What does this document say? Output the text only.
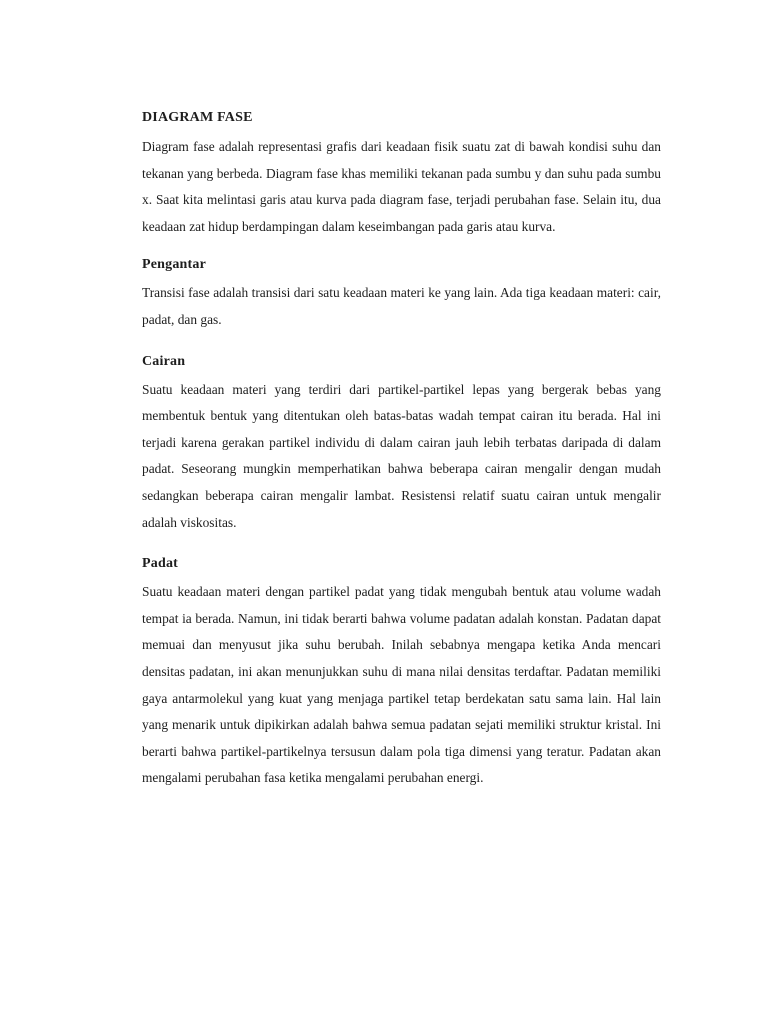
DIAGRAM FASE

Diagram fase adalah representasi grafis dari keadaan fisik suatu zat di bawah kondisi suhu dan tekanan yang berbeda. Diagram fase khas memiliki tekanan pada sumbu y dan suhu pada sumbu x. Saat kita melintasi garis atau kurva pada diagram fase, terjadi perubahan fase. Selain itu, dua keadaan zat hidup berdampingan dalam keseimbangan pada garis atau kurva.

Pengantar

Transisi fase adalah transisi dari satu keadaan materi ke yang lain. Ada tiga keadaan materi: cair, padat, dan gas.

Cairan

Suatu keadaan materi yang terdiri dari partikel-partikel lepas yang bergerak bebas yang membentuk bentuk yang ditentukan oleh batas-batas wadah tempat cairan itu berada. Hal ini terjadi karena gerakan partikel individu di dalam cairan jauh lebih terbatas daripada di dalam padat. Seseorang mungkin memperhatikan bahwa beberapa cairan mengalir dengan mudah sedangkan beberapa cairan mengalir lambat. Resistensi relatif suatu cairan untuk mengalir adalah viskositas.

Padat

Suatu keadaan materi dengan partikel padat yang tidak mengubah bentuk atau volume wadah tempat ia berada. Namun, ini tidak berarti bahwa volume padatan adalah konstan. Padatan dapat memuai dan menyusut jika suhu berubah. Inilah sebabnya mengapa ketika Anda mencari densitas padatan, ini akan menunjukkan suhu di mana nilai densitas terdaftar. Padatan memiliki gaya antarmolekul yang kuat yang menjaga partikel tetap berdekatan satu sama lain. Hal lain yang menarik untuk dipikirkan adalah bahwa semua padatan sejati memiliki struktur kristal. Ini berarti bahwa partikel-partikelnya tersusun dalam pola tiga dimensi yang teratur. Padatan akan mengalami perubahan fasa ketika mengalami perubahan energi.
